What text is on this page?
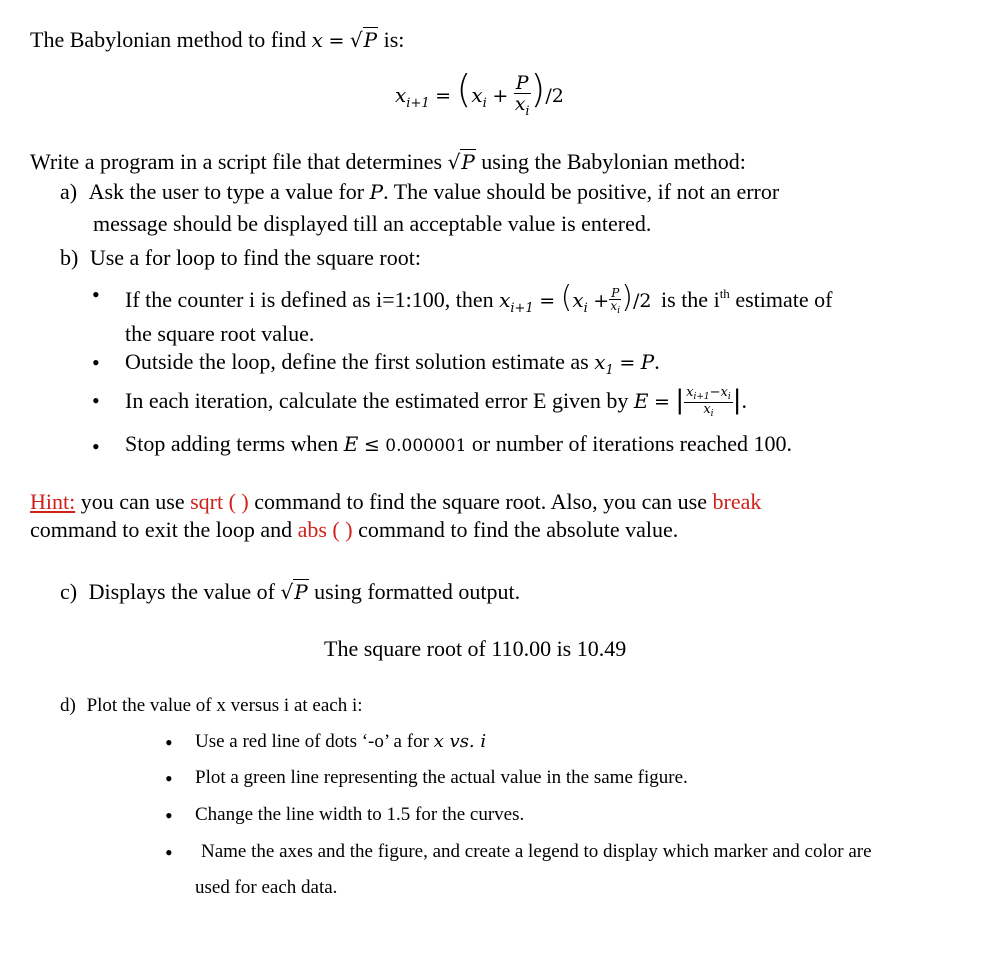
The Babylonian method to find x = √P is:
$x_{i+1} = (x_i + \frac{P}{x_i} )/2$
Write a program in a script file that determines √P using the Babylonian method:
a) Ask the user to type a value for P. The value should be positive, if not an error
message should be displayed till an acceptable value is entered.
b) Use a for loop to find the square root:
• If the counter i is defined as i=1:100, then $x_{i+1} = (x_i + \frac{P}{x_i} )/2$ is the $i^{th}$ estimate of
the square root value.
• Outside the loop, define the first solution estimate as $x_1 = P$.
• In each iteration, calculate the estimated error E given by E = | $\frac{x_{i+1}-x_i}{x_i}$ |.
• Stop adding terms when E ≤ 0.000001 or number of iterations reached 100.
Hint: you can use sqrt ( ) command to find the square root. Also, you can use break
command to exit the loop and abs ( ) command to find the absolute value.
c) Displays the value of √P using formatted output.
The square root of 110.00 is 10.49
d) Plot the value of x versus i at each i:
• Use a red line of dots ‘-o’ a for x vs. i
• Plot a green line representing the actual value in the same figure.
• Change the line width to 1.5 for the curves.
• Name the axes and the figure, and create a legend to display which marker and color are
used for each data.
